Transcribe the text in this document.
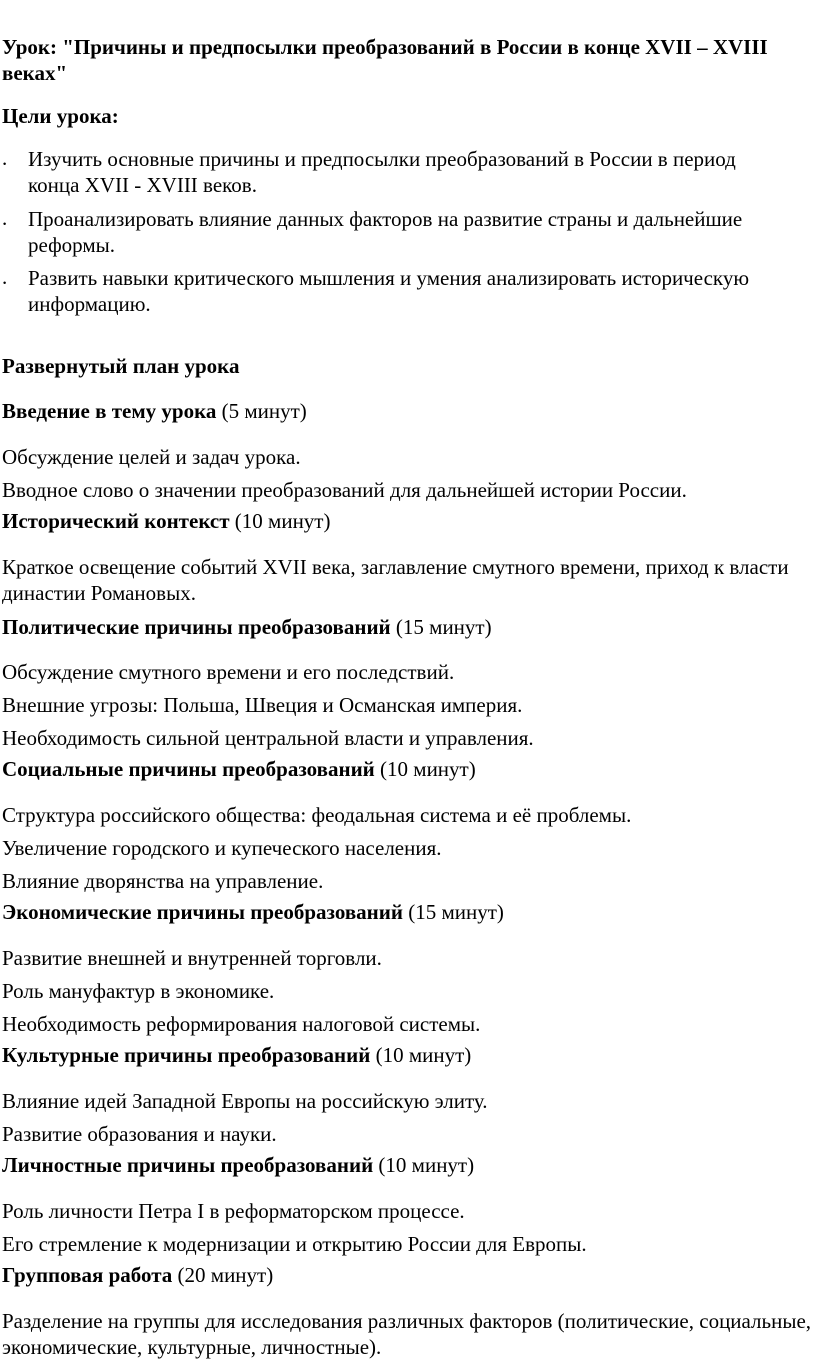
Урок: "Причины и предпосылки преобразований в России в конце XVII – XVIII веках"
Цели урока:
. Изучить основные причины и предпосылки преобразований в России в период конца XVII - XVIII веков.
. Проанализировать влияние данных факторов на развитие страны и дальнейшие реформы.
. Развить навыки критического мышления и умения анализировать историческую информацию.
Развернутый план урока
Введение в тему урока (5 минут)
Обсуждение целей и задач урока.
Вводное слово о значении преобразований для дальнейшей истории России.
Исторический контекст (10 минут)
Краткое освещение событий XVII века, заглавление смутного времени, приход к власти династии Романовых.
Политические причины преобразований (15 минут)
Обсуждение смутного времени и его последствий.
Внешние угрозы: Польша, Швеция и Османская империя.
Необходимость сильной центральной власти и управления.
Социальные причины преобразований (10 минут)
Структура российского общества: феодальная система и её проблемы.
Увеличение городского и купеческого населения.
Влияние дворянства на управление.
Экономические причины преобразований (15 минут)
Развитие внешней и внутренней торговли.
Роль мануфактур в экономике.
Необходимость реформирования налоговой системы.
Культурные причины преобразований (10 минут)
Влияние идей Западной Европы на российскую элиту.
Развитие образования и науки.
Личностные причины преобразований (10 минут)
Роль личности Петра I в реформаторском процессе.
Его стремление к модернизации и открытию России для Европы.
Групповая работа (20 минут)
Разделение на группы для исследования различных факторов (политические, социальные, экономические, культурные, личностные).
